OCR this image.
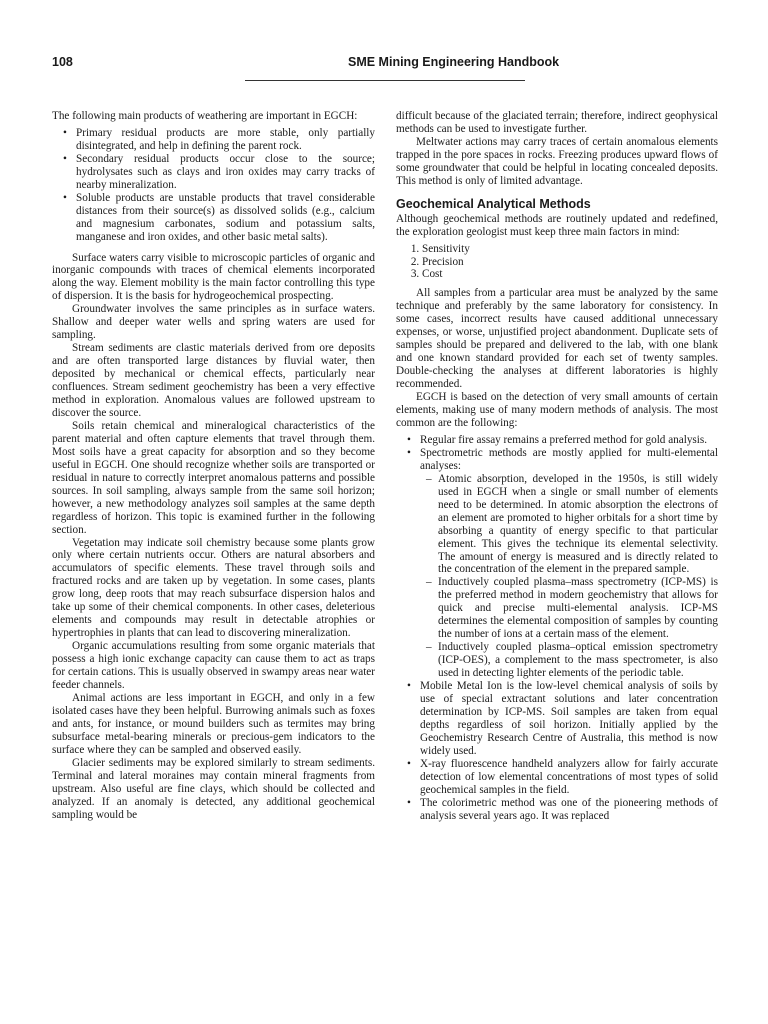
108	SME Mining Engineering Handbook

The following main products of weathering are important in EGCH:

• Primary residual products are more stable, only partially disintegrated, and help in defining the parent rock.
• Secondary residual products occur close to the source; hydrolysates such as clays and iron oxides may carry tracks of nearby mineralization.
• Soluble products are unstable products that travel considerable distances from their source(s) as dissolved solids (e.g., calcium and magnesium carbonates, sodium and potassium salts, manganese and iron oxides, and other basic metal salts).

Surface waters carry visible to microscopic particles of organic and inorganic compounds with traces of chemical elements incorporated along the way. Element mobility is the main factor controlling this type of dispersion. It is the basis for hydrogeochemical prospecting.

Groundwater involves the same principles as in surface waters. Shallow and deeper water wells and spring waters are used for sampling.

Stream sediments are clastic materials derived from ore deposits and are often transported large distances by fluvial water, then deposited by mechanical or chemical effects, particularly near confluences. Stream sediment geochemistry has been a very effective method in exploration. Anomalous values are followed upstream to discover the source.

Soils retain chemical and mineralogical characteristics of the parent material and often capture elements that travel through them. Most soils have a great capacity for absorption and so they become useful in EGCH. One should recognize whether soils are transported or residual in nature to correctly interpret anomalous patterns and possible sources. In soil sampling, always sample from the same soil horizon; however, a new methodology analyzes soil samples at the same depth regardless of horizon. This topic is examined further in the following section.

Vegetation may indicate soil chemistry because some plants grow only where certain nutrients occur. Others are natural absorbers and accumulators of specific elements. These travel through soils and fractured rocks and are taken up by vegetation. In some cases, plants grow long, deep roots that may reach subsurface dispersion halos and take up some of their chemical components. In other cases, deleterious elements and compounds may result in detectable atrophies or hypertrophies in plants that can lead to discovering mineralization.

Organic accumulations resulting from some organic materials that possess a high ionic exchange capacity can cause them to act as traps for certain cations. This is usually observed in swampy areas near water feeder channels.

Animal actions are less important in EGCH, and only in a few isolated cases have they been helpful. Burrowing animals such as foxes and ants, for instance, or mound builders such as termites may bring subsurface metal-bearing minerals or precious-gem indicators to the surface where they can be sampled and observed easily.

Glacier sediments may be explored similarly to stream sediments. Terminal and lateral moraines may contain mineral fragments from upstream. Also useful are fine clays, which should be collected and analyzed. If an anomaly is detected, any additional geochemical sampling would be

difficult because of the glaciated terrain; therefore, indirect geophysical methods can be used to investigate further.

Meltwater actions may carry traces of certain anomalous elements trapped in the pore spaces in rocks. Freezing produces upward flows of some groundwater that could be helpful in locating concealed deposits. This method is only of limited advantage.

Geochemical Analytical Methods

Although geochemical methods are routinely updated and redefined, the exploration geologist must keep three main factors in mind:

1. Sensitivity
2. Precision
3. Cost

All samples from a particular area must be analyzed by the same technique and preferably by the same laboratory for consistency. In some cases, incorrect results have caused additional unnecessary expenses, or worse, unjustified project abandonment. Duplicate sets of samples should be prepared and delivered to the lab, with one blank and one known standard provided for each set of twenty samples. Double-checking the analyses at different laboratories is highly recommended.

EGCH is based on the detection of very small amounts of certain elements, making use of many modern methods of analysis. The most common are the following:

• Regular fire assay remains a preferred method for gold analysis.
• Spectrometric methods are mostly applied for multi-elemental analyses:
– Atomic absorption, developed in the 1950s, is still widely used in EGCH when a single or small number of elements need to be determined. In atomic absorption the electrons of an element are promoted to higher orbitals for a short time by absorbing a quantity of energy specific to that particular element. This gives the technique its elemental selectivity. The amount of energy is measured and is directly related to the concentration of the element in the prepared sample.
– Inductively coupled plasma–mass spectrometry (ICP-MS) is the preferred method in modern geochemistry that allows for quick and precise multi-elemental analysis. ICP-MS determines the elemental composition of samples by counting the number of ions at a certain mass of the element.
– Inductively coupled plasma–optical emission spectrometry (ICP-OES), a complement to the mass spectrometer, is also used in detecting lighter elements of the periodic table.
• Mobile Metal Ion is the low-level chemical analysis of soils by use of special extractant solutions and later concentration determination by ICP-MS. Soil samples are taken from equal depths regardless of soil horizon. Initially applied by the Geochemistry Research Centre of Australia, this method is now widely used.
• X-ray fluorescence handheld analyzers allow for fairly accurate detection of low elemental concentrations of most types of solid geochemical samples in the field.
• The colorimetric method was one of the pioneering methods of analysis several years ago. It was replaced
